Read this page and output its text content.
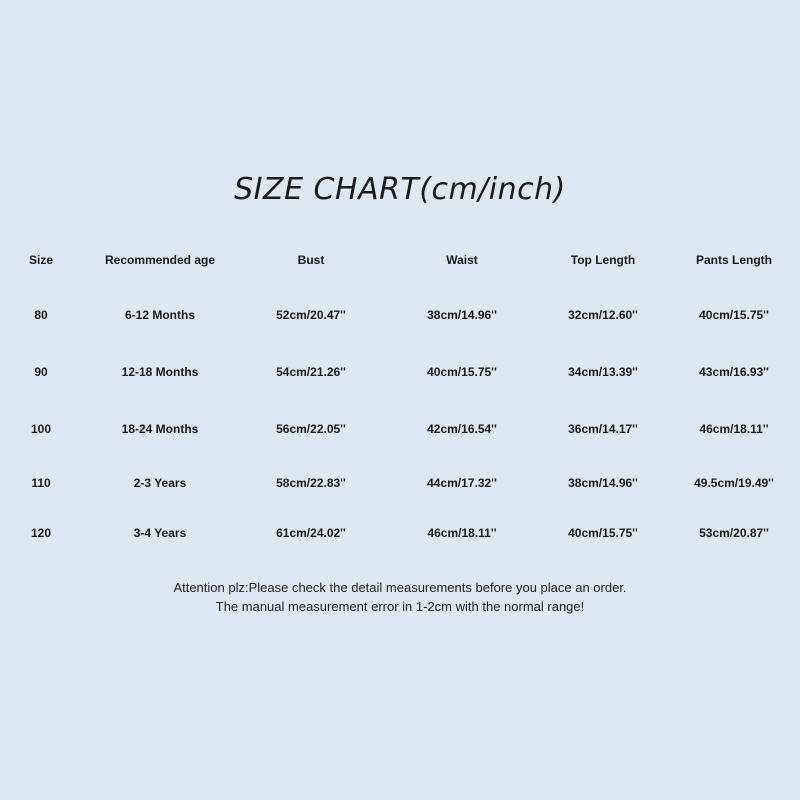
SIZE CHART(cm/inch)
Size	Recommended age	Bust	Waist	Top Length	Pants Length
80	6-12 Months	52cm/20.47''	38cm/14.96''	32cm/12.60''	40cm/15.75''
90	12-18 Months	54cm/21.26''	40cm/15.75''	34cm/13.39''	43cm/16.93''
100	18-24 Months	56cm/22.05''	42cm/16.54''	36cm/14.17''	46cm/18.11''
110	2-3 Years	58cm/22.83''	44cm/17.32''	38cm/14.96''	49.5cm/19.49''
120	3-4 Years	61cm/24.02''	46cm/18.11''	40cm/15.75''	53cm/20.87''
Attention plz:Please check the detail measurements before you place an order.
The manual measurement error in 1-2cm with the normal range!
